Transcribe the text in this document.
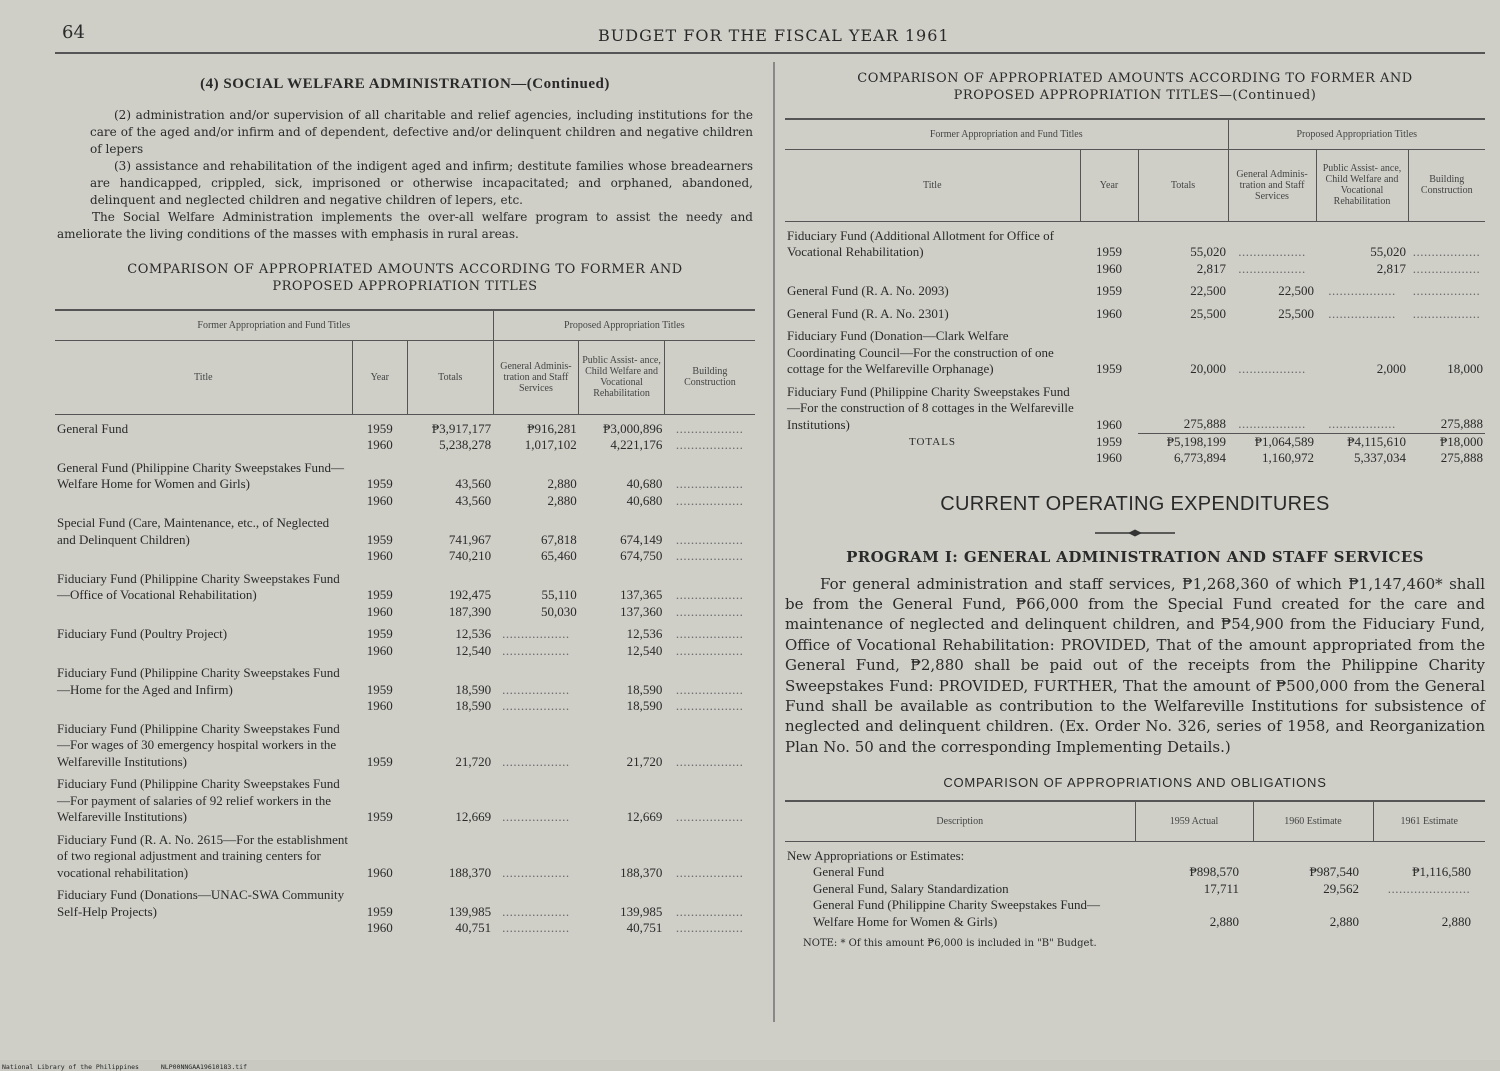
64	BUDGET FOR THE FISCAL YEAR 1961
(4) SOCIAL WELFARE ADMINISTRATION—(Continued)

(2) administration and/or supervision of all charitable and relief agencies, including institutions for the care of the aged and/or infirm and of dependent, defective and/or delinquent children and negative children of lepers

(3) assistance and rehabilitation of the indigent aged and infirm; destitute families whose breadearners are handicapped, crippled, sick, imprisoned or otherwise incapacitated; and orphaned, abandoned, delinquent and neglected children and negative children of lepers, etc.

The Social Welfare Administration implements the over-all welfare program to assist the needy and ameliorate the living conditions of the masses with emphasis in rural areas.

COMPARISON OF APPROPRIATED AMOUNTS ACCORDING TO FORMER AND
PROPOSED APPROPRIATION TITLES
Former Appropriation and Fund Titles			Proposed Appropriation Titles		
Title	Year	Totals	General Adminis- tration and Staff Services	Public Assist- ance, Child Welfare and Vocational Rehabilitation	Building Construction
General Fund	1959	₱3,917,177	₱916,281	₱3,000,896	..................
	1960	5,238,278	1,017,102	4,221,176	..................
General Fund (Philippine Charity Sweepstakes Fund—Welfare Home for Women and Girls)	1959	43,560	2,880	40,680	..................
	1960	43,560	2,880	40,680	..................
Special Fund (Care, Maintenance, etc., of Neglected and Delinquent Children)	1959	741,967	67,818	674,149	..................
	1960	740,210	65,460	674,750	..................
Fiduciary Fund (Philippine Charity Sweepstakes Fund—Office of Vocational Rehabilitation)	1959	192,475	55,110	137,365	..................
	1960	187,390	50,030	137,360	..................
Fiduciary Fund (Poultry Project)	1959	12,536	..................	12,536	..................
	1960	12,540	..................	12,540	..................
Fiduciary Fund (Philippine Charity Sweepstakes Fund—Home for the Aged and Infirm)	1959	18,590	..................	18,590	..................
	1960	18,590	..................	18,590	..................
Fiduciary Fund (Philippine Charity Sweepstakes Fund—For wages of 30 emergency hospital workers in the Welfareville Institutions)	1959	21,720	..................	21,720	..................
Fiduciary Fund (Philippine Charity Sweepstakes Fund—For payment of salaries of 92 relief workers in the Welfareville Institutions)	1959	12,669	..................	12,669	..................
Fiduciary Fund (R. A. No. 2615—For the establishment of two regional adjustment and training centers for vocational rehabilitation)	1960	188,370	..................	188,370	..................
Fiduciary Fund (Donations—UNAC-SWA Community Self-Help Projects)	1959	139,985	..................	139,985	..................
	1960	40,751	..................	40,751	..................
COMPARISON OF APPROPRIATED AMOUNTS ACCORDING TO FORMER AND
PROPOSED APPROPRIATION TITLES—(Continued)
Former Appropriation and Fund Titles			Proposed Appropriation Titles		
Title	Year	Totals	General Adminis- tration and Staff Services	Public Assist- ance, Child Welfare and Vocational Rehabilitation	Building Construction
Fiduciary Fund (Additional Allotment for Office of Vocational Rehabilitation)	1959	55,020	..................	55,020	..................
	1960	2,817	..................	2,817	..................
General Fund (R. A. No. 2093)	1959	22,500	22,500	..................	..................
General Fund (R. A. No. 2301)	1960	25,500	25,500	..................	..................
Fiduciary Fund (Donation—Clark Welfare Coordinating Council—For the construction of one cottage for the Welfareville Orphanage)	1959	20,000	..................	2,000	18,000
Fiduciary Fund (Philippine Charity Sweepstakes Fund—For the construction of 8 cottages in the Welfareville Institutions)	1960	275,888	..................	..................	275,888
TOTALS	1959	₱5,198,199	₱1,064,589	₱4,115,610	₱18,000
	1960	6,773,894	1,160,972	5,337,034	275,888
CURRENT OPERATING EXPENDITURES
PROGRAM I: GENERAL ADMINISTRATION AND STAFF SERVICES

For general administration and staff services, ₱1,268,360 of which ₱1,147,460* shall be from the General Fund, ₱66,000 from the Special Fund created for the care and maintenance of neglected and delinquent children, and ₱54,900 from the Fiduciary Fund, Office of Vocational Rehabilitation: PROVIDED, That of the amount appropriated from the General Fund, ₱2,880 shall be paid out of the receipts from the Philippine Charity Sweepstakes Fund: PROVIDED, FURTHER, That the amount of ₱500,000 from the General Fund shall be available as contribution to the Welfareville Institutions for subsistence of neglected and delinquent children. (Ex. Order No. 326, series of 1958, and Reorganization Plan No. 50 and the corresponding Implementing Details.)

COMPARISON OF APPROPRIATIONS AND OBLIGATIONS
Description	1959 Actual	1960 Estimate	1961 Estimate
New Appropriations or Estimates:			
General Fund	₱898,570	₱987,540	₱1,116,580
General Fund, Salary Standardization	17,711	29,562	......................
General Fund (Philippine Charity Sweepstakes Fund—Welfare Home for Women & Girls)	2,880	2,880	2,880
NOTE: * Of this amount ₱6,000 is included in "B" Budget.
National Library of the Philippines	NLP00NNGAA19610183.tif
